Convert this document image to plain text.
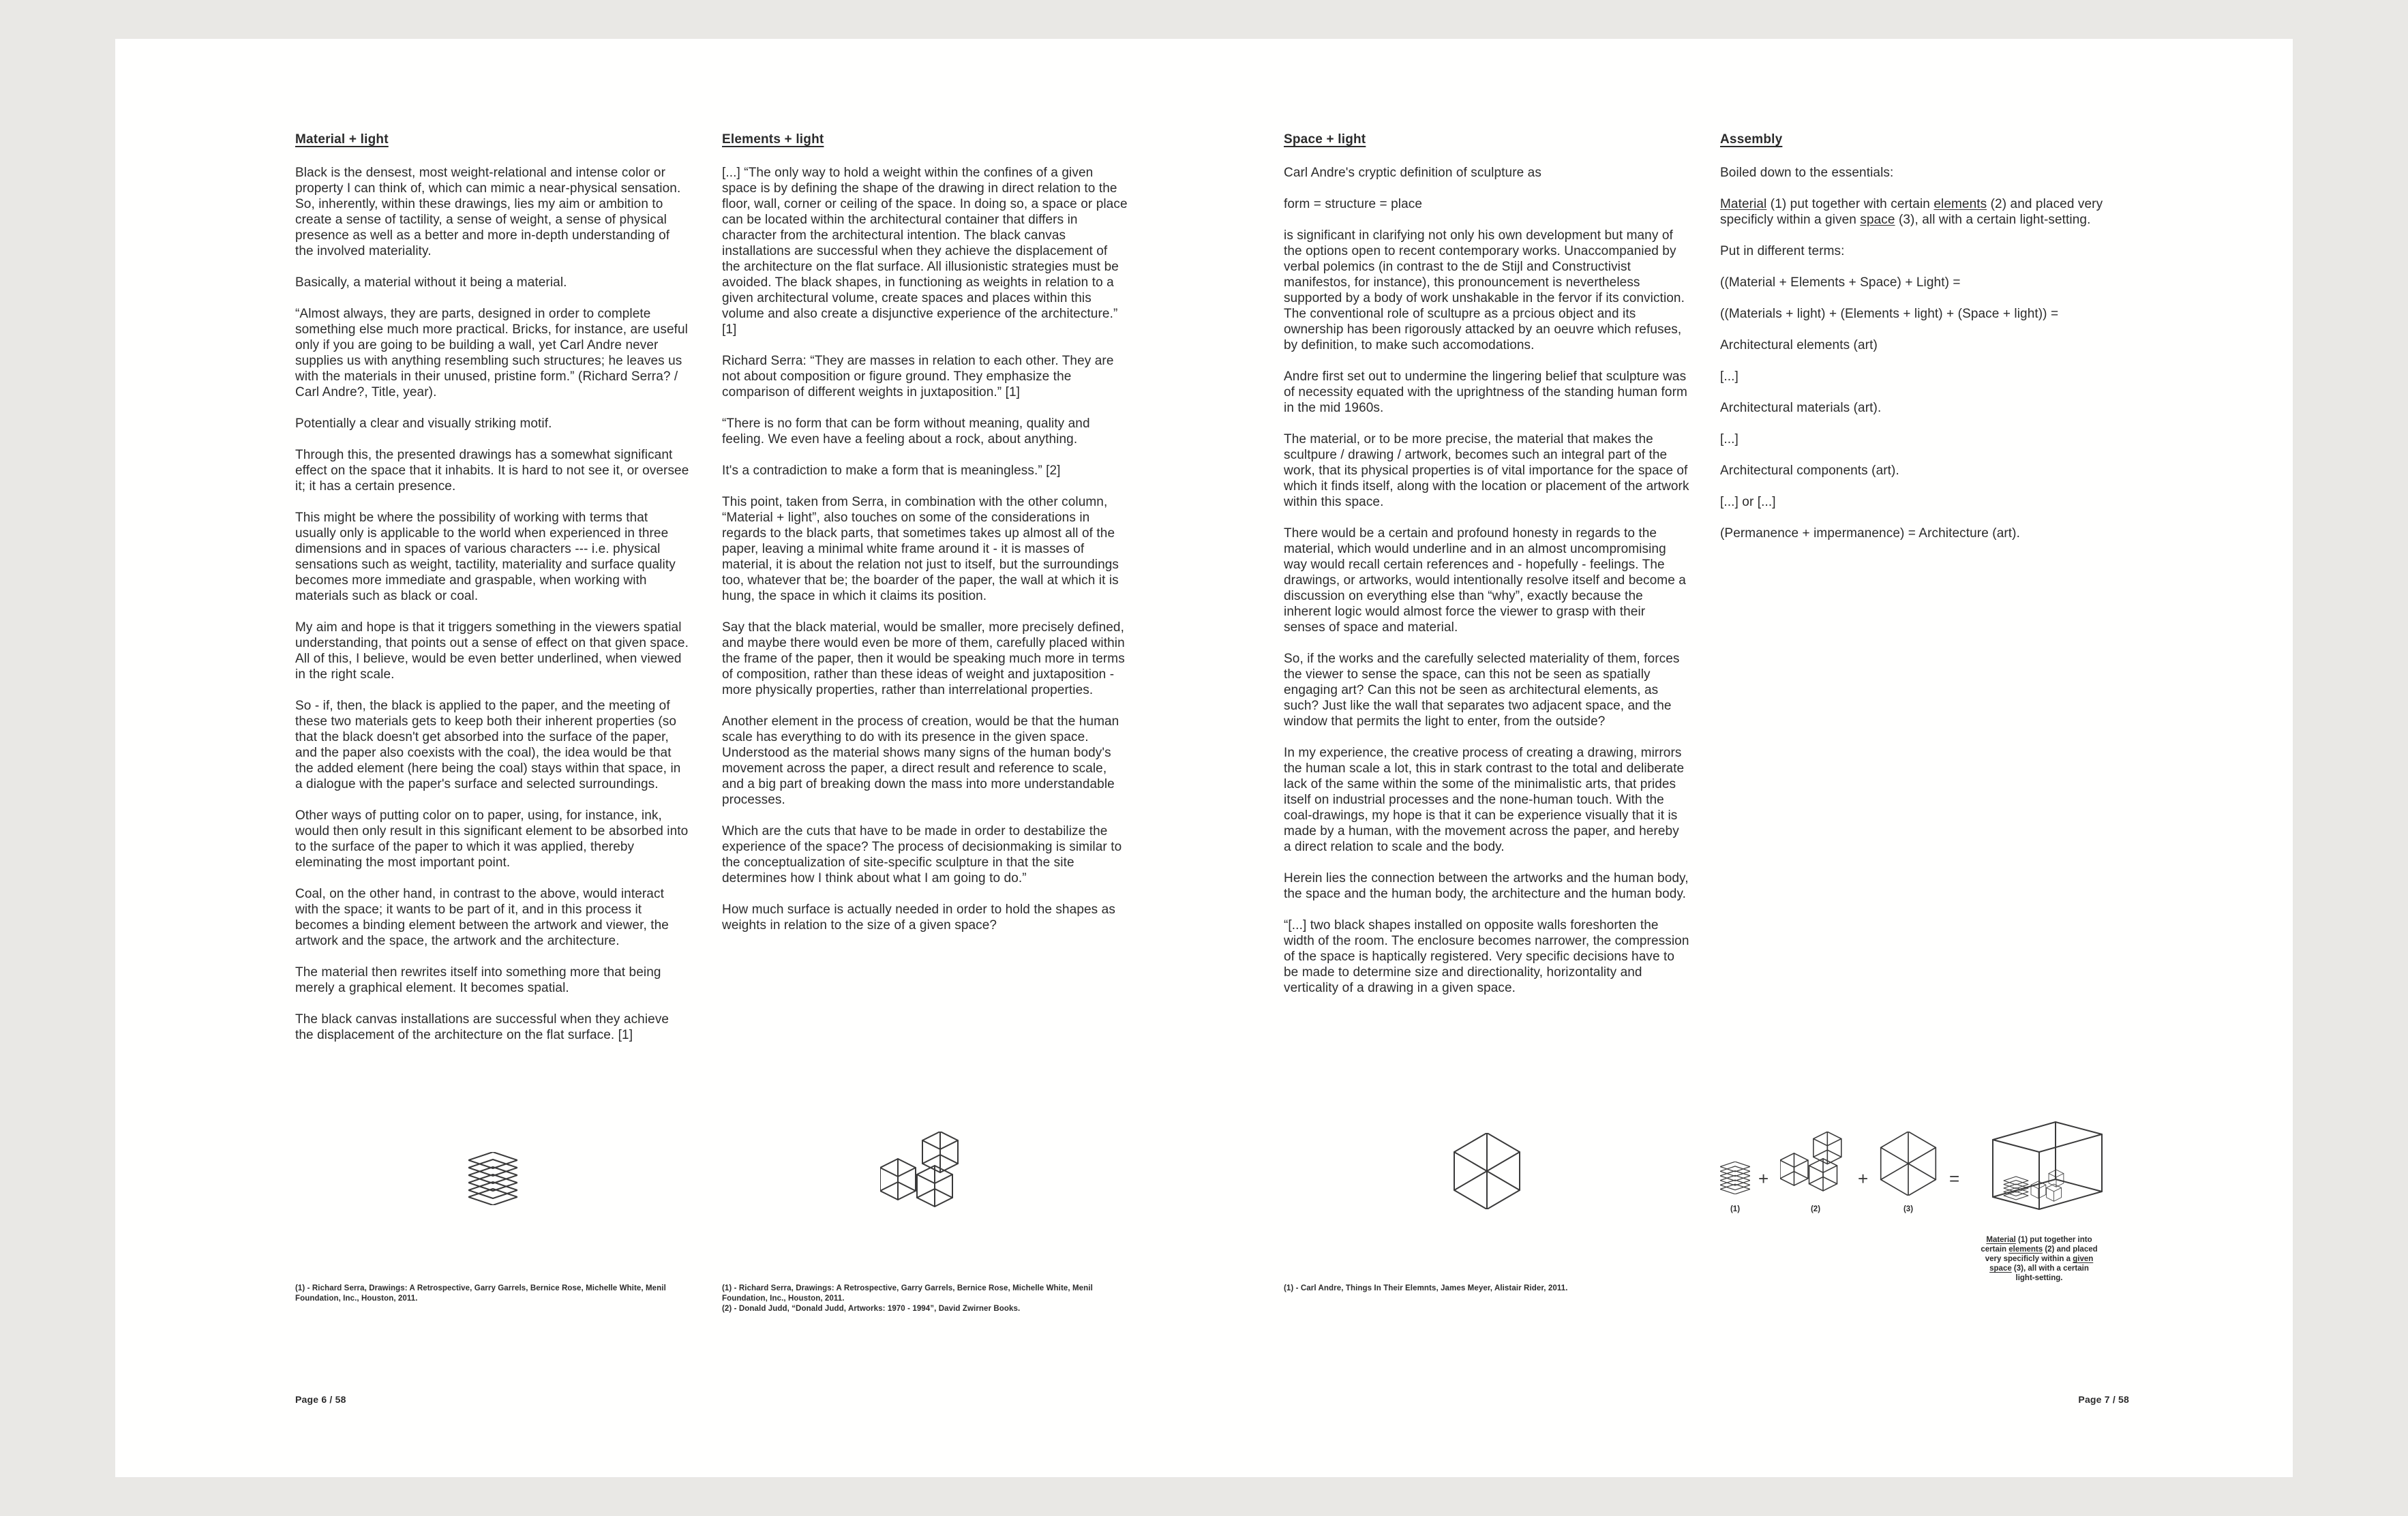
Material + light
Black is the densest, most weight-relational and intense color or property I can think of, which can mimic a near-physical sensation. So, inherently, within these drawings, lies my aim or ambition to create a sense of tactility, a sense of weight, a sense of physical presence as well as a better and more in-depth understanding of the involved materiality.
Basically, a material without it being a material.
“Almost always, they are parts, designed in order to complete something else much more practical. Bricks, for instance, are useful only if you are going to be building a wall, yet Carl Andre never supplies us with anything resembling such structures; he leaves us with the materials in their unused, pristine form.” (Richard Serra? / Carl Andre?, Title, year).
Potentially a clear and visually striking motif.
Through this, the presented drawings has a somewhat significant effect on the space that it inhabits. It is hard to not see it, or oversee it; it has a certain presence.
This might be where the possibility of working with terms that usually only is applicable to the world when experienced in three dimensions and in spaces of various characters --- i.e. physical sensations such as weight, tactility, materiality and surface quality becomes more immediate and graspable, when working with materials such as black or coal.
My aim and hope is that it triggers something in the viewers spatial understanding, that points out a sense of effect on that given space. All of this, I believe, would be even better underlined, when viewed in the right scale.
So - if, then, the black is applied to the paper, and the meeting of these two materials gets to keep both their inherent properties (so that the black doesn't get absorbed into the surface of the paper, and the paper also coexists with the coal), the idea would be that the added element (here being the coal) stays within that space, in a dialogue with the paper's surface and selected surroundings.
Other ways of putting color on to paper, using, for instance, ink, would then only result in this significant element to be absorbed into to the surface of the paper to which it was applied, thereby eleminating the most important point.
Coal, on the other hand, in contrast to the above, would interact with the space; it wants to be part of it, and in this process it becomes a binding element between the artwork and viewer, the artwork and the space, the artwork and the architecture.
The material then rewrites itself into something more that being merely a graphical element. It becomes spatial.
The black canvas installations are successful when they achieve the displacement of the architecture on the flat surface. [1]
(1) - Richard Serra, Drawings: A Retrospective, Garry Garrels, Bernice Rose, Michelle White, Menil Foundation, Inc., Houston, 2011.
Elements + light
[...] “The only way to hold a weight within the confines of a given space is by defining the shape of the drawing in direct relation to the floor, wall, corner or ceiling of the space. In doing so, a space or place can be located within the architectural container that differs in character from the architectural intention. The black canvas installations are successful when they achieve the displacement of the architecture on the flat surface. All illusionistic strategies must be avoided. The black shapes, in functioning as weights in relation to a given architectural volume, create spaces and places within this volume and also create a disjunctive experience of the architecture.” [1]
Richard Serra: “They are masses in relation to each other. They are not about composition or figure ground. They emphasize the comparison of different weights in juxtaposition.” [1]
“There is no form that can be form without meaning, quality and feeling. We even have a feeling about a rock, about anything.
It's a contradiction to make a form that is meaningless.” [2]
This point, taken from Serra, in combination with the other column, “Material + light”, also touches on some of the considerations in regards to the black parts, that sometimes takes up almost all of the paper, leaving a minimal white frame around it - it is masses of material, it is about the relation not just to itself, but the surroundings too, whatever that be; the boarder of the paper, the wall at which it is hung, the space in which it claims its position.
Say that the black material, would be smaller, more precisely defined, and maybe there would even be more of them, carefully placed within the frame of the paper, then it would be speaking much more in terms of composition, rather than these ideas of weight and juxtaposition - more physically properties, rather than interrelational properties.
Another element in the process of creation, would be that the human scale has everything to do with its presence in the given space. Understood as the material shows many signs of the human body's movement across the paper, a direct result and reference to scale, and a big part of breaking down the mass into more understandable processes.
Which are the cuts that have to be made in order to destabilize the experience of the space? The process of decisionmaking is similar to the conceptualization of site-specific sculpture in that the site determines how I think about what I am going to do.”
How much surface is actually needed in order to hold the shapes as weights in relation to the size of a given space?
(1) - Richard Serra, Drawings: A Retrospective, Garry Garrels, Bernice Rose, Michelle White, Menil Foundation, Inc., Houston, 2011.
(2) - Donald Judd, “Donald Judd, Artworks: 1970 - 1994”, David Zwirner Books.
Space + light
Carl Andre's cryptic definition of sculpture as
form = structure = place
is significant in clarifying not only his own development but many of the options open to recent contemporary works. Unaccompanied by verbal polemics (in contrast to the de Stijl and Constructivist manifestos, for instance), this pronouncement is nevertheless supported by a body of work unshakable in the fervor if its conviction. The conventional role of scultupre as a prcious object and its ownership has been rigorously attacked by an oeuvre which refuses, by definition, to make such accomodations.
Andre first set out to undermine the lingering belief that sculpture was of necessity equated with the uprightness of the standing human form in the mid 1960s.
The material, or to be more precise, the material that makes the scultpure / drawing / artwork, becomes such an integral part of the work, that its physical properties is of vital importance for the space of which it finds itself, along with the location or placement of the artwork within this space.
There would be a certain and profound honesty in regards to the material, which would underline and in an almost uncompromising way would recall certain references and - hopefully - feelings. The drawings, or artworks, would intentionally resolve itself and become a discussion on everything else than “why”, exactly because the inherent logic would almost force the viewer to grasp with their senses of space and material.
So, if the works and the carefully selected materiality of them, forces the viewer to sense the space, can this not be seen as spatially engaging art? Can this not be seen as architectural elements, as such? Just like the wall that separates two adjacent space, and the window that permits the light to enter, from the outside?
In my experience, the creative process of creating a drawing, mirrors the human scale a lot, this in stark contrast to the total and deliberate lack of the same within the some of the minimalistic arts, that prides itself on industrial processes and the none-human touch. With the coal-drawings, my hope is that it can be experience visually that it is made by a human, with the movement across the paper, and hereby a direct relation to scale and the body.
Herein lies the connection between the artworks and the human body, the space and the human body, the architecture and the human body.
“[...] two black shapes installed on opposite walls foreshorten the width of the room. The enclosure becomes narrower, the compression of the space is haptically registered. Very specific decisions have to be made to determine size and directionality, horizontality and verticality of a drawing in a given space.
(1) - Carl Andre, Things In Their Elemnts, James Meyer, Alistair Rider, 2011.
Assembly
Boiled down to the essentials:
Material (1) put together with certain elements (2) and placed very specificly within a given space (3), all with a certain light-setting.
Put in different terms:
((Material + Elements + Space) + Light) =
((Materials + light) + (Elements + light) + (Space + light)) =
Architectural elements (art)
[...]
Architectural materials (art).
[...]
Architectural components (art).
[...] or [...]
(Permanence + impermanence) = Architecture (art).
+	+	=
(1)	(2)	(3)
Material (1) put together into certain elements (2) and placed very specificly within a given space (3), all with a certain light-setting.
Page 6 / 58	Page 7 / 58
